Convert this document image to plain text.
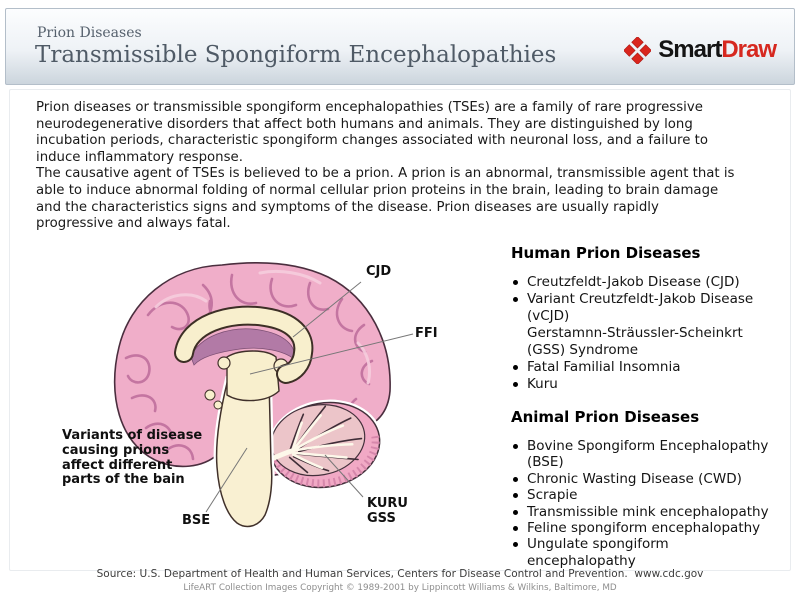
Prion Diseases
Transmissible Spongiform Encephalopathies	SmartDraw
Prion diseases or transmissible spongiform encephalopathies (TSEs) are a family of rare progressive
neurodegenerative disorders that affect both humans and animals. They are distinguished by long
incubation periods, characteristic spongiform changes associated with neuronal loss, and a failure to
induce inflammatory response.
The causative agent of TSEs is believed to be a prion. A prion is an abnormal, transmissible agent that is
able to induce abnormal folding of normal cellular prion proteins in the brain, leading to brain damage
and the characteristics signs and symptoms of the disease. Prion diseases are usually rapidly
progressive and always fatal.
CJD
FFI
KURU
GSS
BSE
Variants of disease
causing prions
affect different
parts of the bain
Human Prion Diseases
Creutzfeldt-Jakob Disease (CJD)
Variant Creutzfeldt-Jakob Disease
(vCJD)
Gerstamnn-Sträussler-Scheinkrt
(GSS) Syndrome
Fatal Familial Insomnia
Kuru
Animal Prion Diseases
Bovine Spongiform Encephalopathy
(BSE)
Chronic Wasting Disease (CWD)
Scrapie
Transmissible mink encephalopathy
Feline spongiform encephalopathy
Ungulate spongiform
encephalopathy
Source: U.S. Department of Health and Human Services, Centers for Disease Control and Prevention.  www.cdc.gov
LifeART Collection Images Copyright © 1989-2001 by Lippincott Williams & Wilkins, Baltimore, MD
